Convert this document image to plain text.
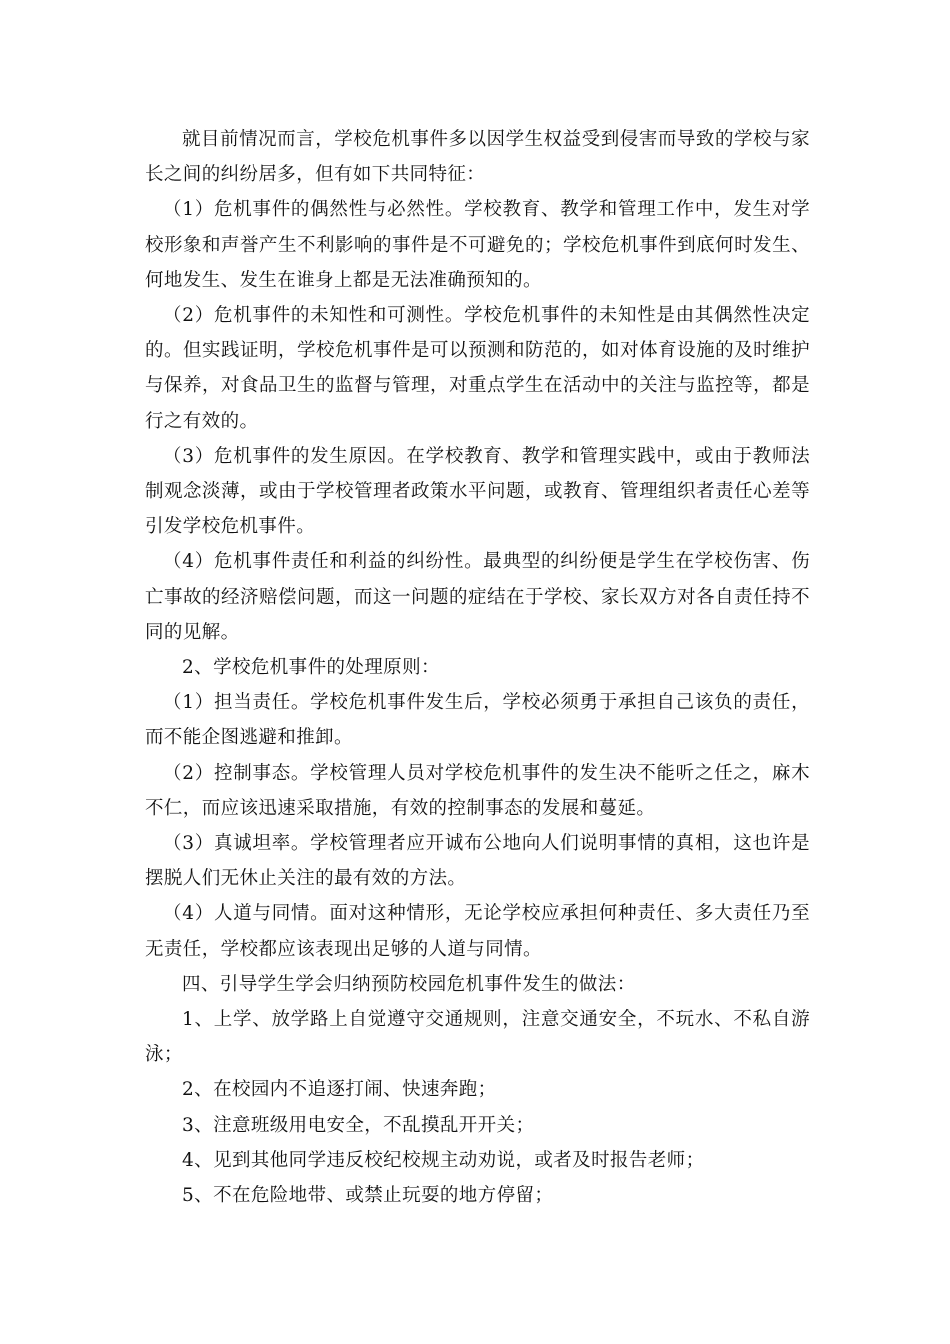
就目前情况而言，学校危机事件多以因学生权益受到侵害而导致的学校与家长之间的纠纷居多，但有如下共同特征：

（1）危机事件的偶然性与必然性。学校教育、教学和管理工作中，发生对学校形象和声誉产生不利影响的事件是不可避免的；学校危机事件到底何时发生、何地发生、发生在谁身上都是无法准确预知的。

（2）危机事件的未知性和可测性。学校危机事件的未知性是由其偶然性决定的。但实践证明，学校危机事件是可以预测和防范的，如对体育设施的及时维护与保养，对食品卫生的监督与管理，对重点学生在活动中的关注与监控等，都是行之有效的。

（3）危机事件的发生原因。在学校教育、教学和管理实践中，或由于教师法制观念淡薄，或由于学校管理者政策水平问题，或教育、管理组织者责任心差等引发学校危机事件。

（4）危机事件责任和利益的纠纷性。最典型的纠纷便是学生在学校伤害、伤亡事故的经济赔偿问题，而这一问题的症结在于学校、家长双方对各自责任持不同的见解。

2、学校危机事件的处理原则：

（1）担当责任。学校危机事件发生后，学校必须勇于承担自己该负的责任，而不能企图逃避和推卸。

（2）控制事态。学校管理人员对学校危机事件的发生决不能听之任之，麻木不仁，而应该迅速采取措施，有效的控制事态的发展和蔓延。

（3）真诚坦率。学校管理者应开诚布公地向人们说明事情的真相，这也许是摆脱人们无休止关注的最有效的方法。

（4）人道与同情。面对这种情形，无论学校应承担何种责任、多大责任乃至无责任，学校都应该表现出足够的人道与同情。

四、引导学生学会归纳预防校园危机事件发生的做法：

1、上学、放学路上自觉遵守交通规则，注意交通安全，不玩水、不私自游泳；

2、在校园内不追逐打闹、快速奔跑；

3、注意班级用电安全，不乱摸乱开开关；

4、见到其他同学违反校纪校规主动劝说，或者及时报告老师；

5、不在危险地带、或禁止玩耍的地方停留；
